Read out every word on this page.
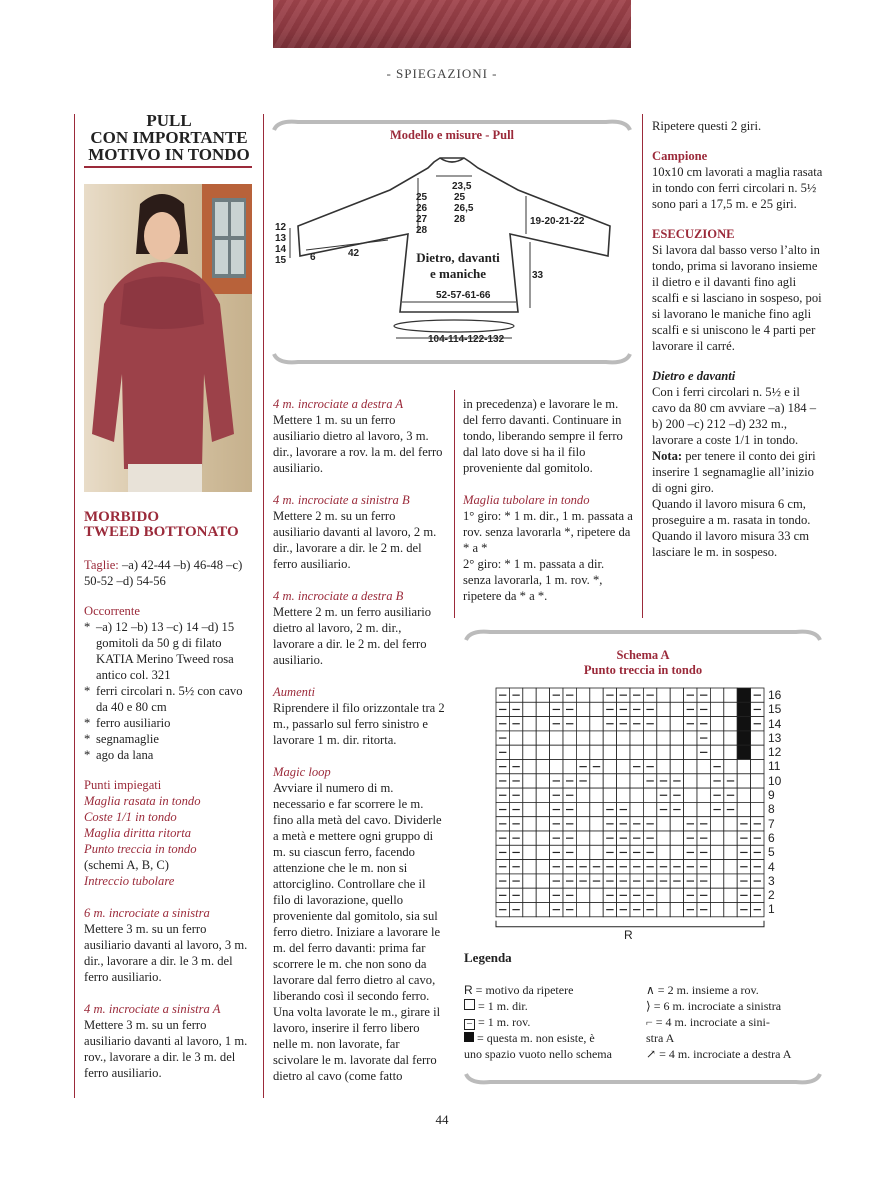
- SPIEGAZIONI -
PULL
CON IMPORTANTE
MOTIVO IN TONDO
MORBIDO
TWEED BOTTONATO

Taglie: –a) 42-44 –b) 46-48 –c) 50-52 –d) 54-56

Occorrente

* –a) 12 –b) 13 –c) 14 –d) 15 gomitoli da 50 g di filato KATIA Merino Tweed rosa antico col. 321
* ferri circolari n. 5½ con cavo da 40 e 80 cm
* ferro ausiliario
* segnamaglie
* ago da lana

Punti impiegati

Maglia rasata in tondo

Coste 1/1 in tondo

Maglia diritta ritorta

Punto treccia in tondo

(schemi A, B, C)

Intreccio tubolare

6 m. incrociate a sinistra

Mettere 3 m. su un ferro ausiliario davanti al lavoro, 3 m. dir., lavorare a dir. le 3 m. del ferro ausiliario.

4 m. incrociate a sinistra A

Mettere 3 m. su un ferro ausiliario davanti al lavoro, 1 m. rov., lavorare a dir. le 3 m. del ferro ausiliario.

Modello e misure - Pull
Dietro, davanti
e maniche
23,5
25
26
27
28
25
26,5
28
12
13
14
15 6	42
19-20-21-22
33
52-57-61-66
104-114-122-132

4 m. incrociate a destra A

Mettere 1 m. su un ferro ausiliario dietro al lavoro, 3 m. dir., lavorare a rov. la m. del ferro ausiliario.

4 m. incrociate a sinistra B

Mettere 2 m. su un ferro ausiliario davanti al lavoro, 2 m. dir., lavorare a dir. le 2 m. del ferro ausiliario.

4 m. incrociate a destra B

Mettere 2 m. un ferro ausiliario dietro al lavoro, 2 m. dir., lavorare a dir. le 2 m. del ferro ausiliario.

Aumenti

Riprendere il filo orizzontale tra 2 m., passarlo sul ferro sinistro e lavorare 1 m. dir. ritorta.

Magic loop

Avviare il numero di m. necessario e far scorrere le m. fino alla metà del cavo. Dividerle a metà e mettere ogni gruppo di m. su ciascun ferro, facendo attenzione che le m. non si attorciglino. Controllare che il filo di lavorazione, quello proveniente dal gomitolo, sia sul ferro dietro. Iniziare a lavorare le m. del ferro davanti: prima far scorrere le m. che non sono da lavorare dal ferro dietro al cavo, liberando così il secondo ferro. Una volta lavorate le m., girare il lavoro, inserire il ferro libero nelle m. non lavorate, far scivolare le m. lavorate dal ferro dietro al cavo (come fatto

in precedenza) e lavorare le m. del ferro davanti. Continuare in tondo, liberando sempre il ferro dal lato dove si ha il filo proveniente dal gomitolo.

Maglia tubolare in tondo

1° giro: * 1 m. dir., 1 m. passata a rov. senza lavorarla *, ripetere da * a *

2° giro: * 1 m. passata a dir. senza lavorarla, 1 m. rov. *, ripetere da * a *.

Ripetere questi 2 giri.

Campione

10x10 cm lavorati a maglia rasata in tondo con ferri circolari n. 5½ sono pari a 17,5 m. e 25 giri.

ESECUZIONE

Si lavora dal basso verso l’alto in tondo, prima si lavorano insieme il dietro e il davanti fino agli scalfi e si lasciano in sospeso, poi si lavorano le maniche fino agli scalfi e si uniscono le 4 parti per lavorare il carré.

Dietro e davanti

Con i ferri circolari n. 5½ e il cavo da 80 cm avviare –a) 184 –b) 200 –c) 212 –d) 232 m., lavorare a coste 1/1 in tondo.

Nota: per tenere il conto dei giri inserire 1 segnamaglie all’inizio di ogni giro.

Quando il lavoro misura 6 cm, proseguire a m. rasata in tondo.

Quando il lavoro misura 33 cm lasciare le m. in sospeso.

Schema A
Punto treccia in tondo
16
15
14
13
12
11
10
9
8
7
6
5
4
3
2
1
R
Legenda
R = motivo da ripetere
= 1 m. dir.
– = 1 m. rov.
= questa m. non esiste, è
uno spazio vuoto nello schema
∧ = 2 m. insieme a rov.
⟩ = 6 m. incrociate a sinistra
⌐ = 4 m. incrociate a sini-
stra A
↗ = 4 m. incrociate a destra A
44
